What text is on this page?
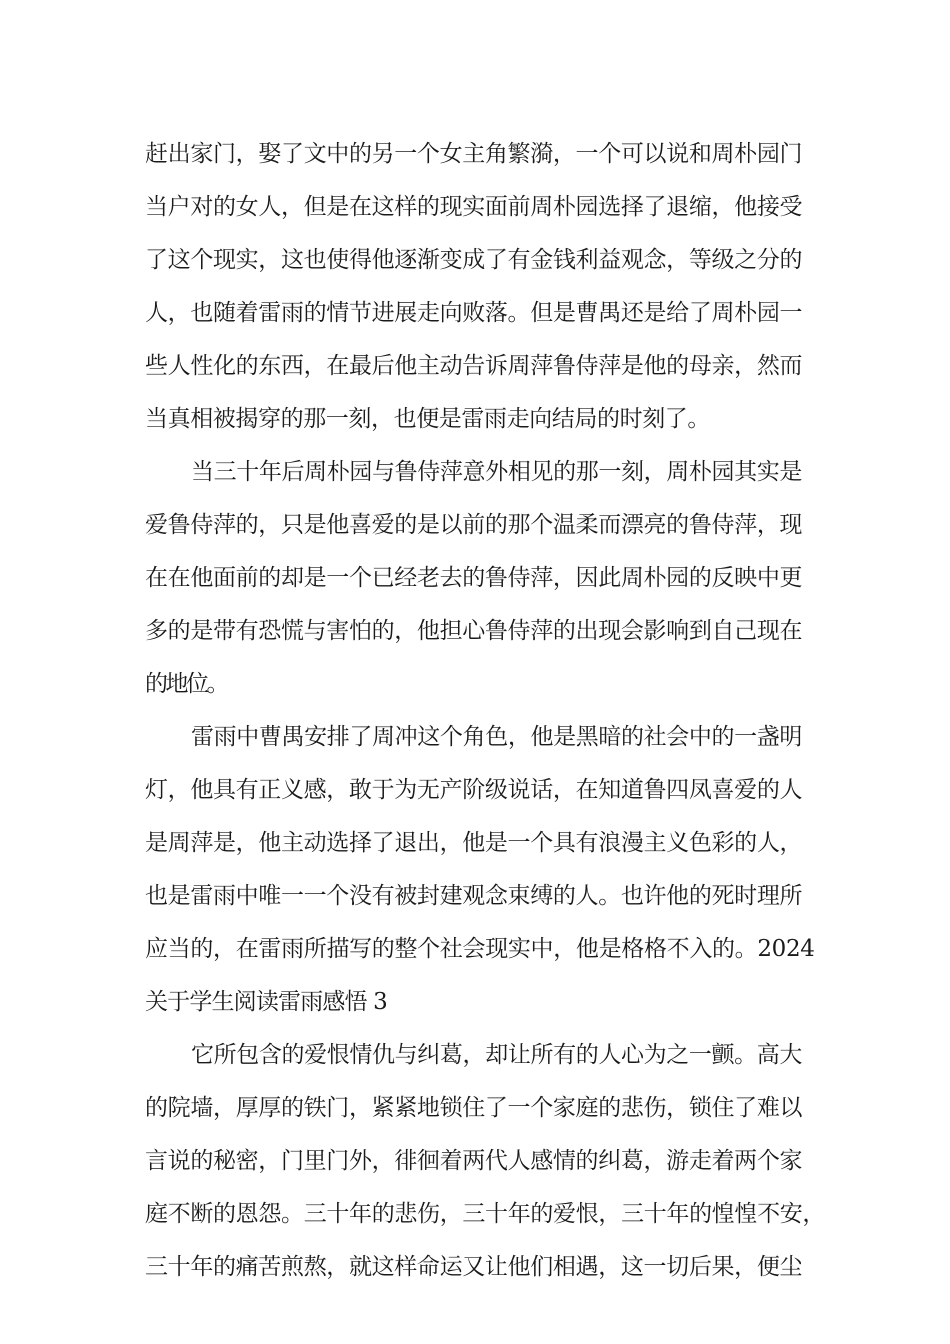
赶出家门，娶了文中的另一个女主角繁漪，一个可以说和周朴园门
当户对的女人，但是在这样的现实面前周朴园选择了退缩，他接受
了这个现实，这也使得他逐渐变成了有金钱利益观念，等级之分的
人，也随着雷雨的情节进展走向败落。但是曹禺还是给了周朴园一
些人性化的东西，在最后他主动告诉周萍鲁侍萍是他的母亲，然而
当真相被揭穿的那一刻，也便是雷雨走向结局的时刻了。
当三十年后周朴园与鲁侍萍意外相见的那一刻，周朴园其实是
爱鲁侍萍的，只是他喜爱的是以前的那个温柔而漂亮的鲁侍萍，现
在在他面前的却是一个已经老去的鲁侍萍，因此周朴园的反映中更
多的是带有恐慌与害怕的，他担心鲁侍萍的出现会影响到自己现在
的地位。
雷雨中曹禺安排了周冲这个角色，他是黑暗的社会中的一盏明
灯，他具有正义感，敢于为无产阶级说话，在知道鲁四凤喜爱的人
是周萍是，他主动选择了退出，他是一个具有浪漫主义色彩的人，
也是雷雨中唯一一个没有被封建观念束缚的人。也许他的死时理所
应当的，在雷雨所描写的整个社会现实中，他是格格不入的。2024
关于学生阅读雷雨感悟 3
它所包含的爱恨情仇与纠葛，却让所有的人心为之一颤。高大
的院墙，厚厚的铁门，紧紧地锁住了一个家庭的悲伤，锁住了难以
言说的秘密，门里门外，徘徊着两代人感情的纠葛，游走着两个家
庭不断的恩怨。三十年的悲伤，三十年的爱恨，三十年的惶惶不安，
三十年的痛苦煎熬，就这样命运又让他们相遇，这一切后果，便尘
